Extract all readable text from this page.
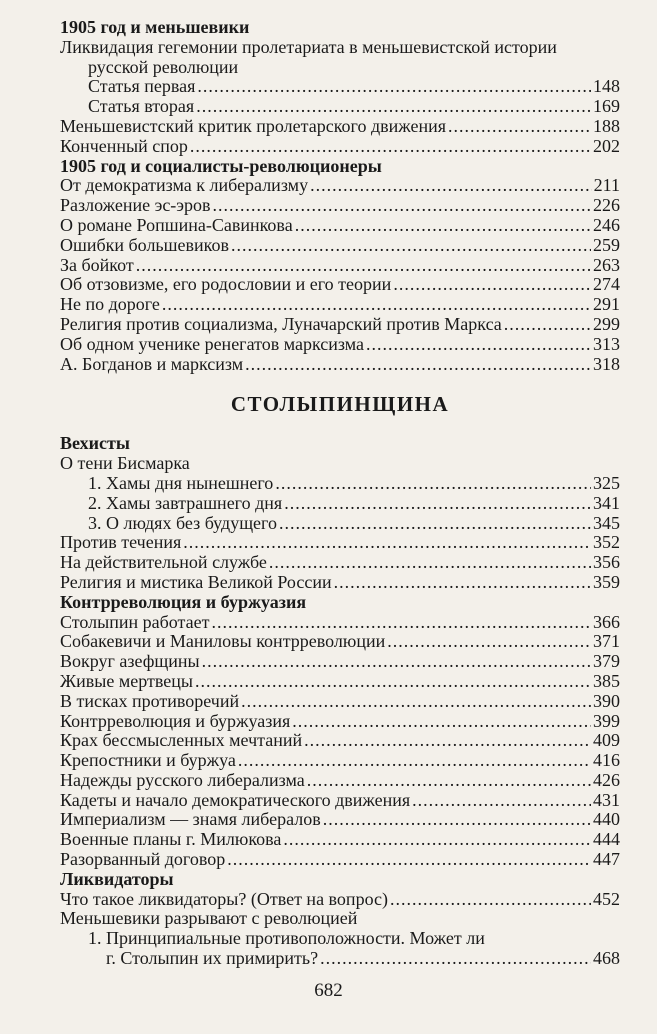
1905 год и меньшевики
Ликвидация гегемонии пролетариата в меньшевистской истории
русской революции
Статья первая .....	148
Статья вторая .....	169
Меньшевистский критик пролетарского движения .....	188
Конченный спор .....	202
1905 год и социалисты-революционеры
От демократизма к либерализму .....	211
Разложение эс-эров .....	226
О романе Ропшина-Савинкова .....	246
Ошибки большевиков .....	259
За бойкот .....	263
Об отзовизме, его родословии и его теории .....	274
Не по дороге .....	291
Религия против социализма, Луначарский против Маркса .....	299
Об одном ученике ренегатов марксизма .....	313
А. Богданов и марксизм .....	318
СТОЛЫПИНЩИНА
Вехисты
О тени Бисмарка
1. Хамы дня нынешнего .....	325
2. Хамы завтрашнего дня .....	341
3. О людях без будущего .....	345
Против течения .....	352
На действительной службе .....	356
Религия и мистика Великой России .....	359
Контрреволюция и буржуазия
Столыпин работает .....	366
Собакевичи и Маниловы контрреволюции .....	371
Вокруг азефщины .....	379
Живые мертвецы .....	385
В тисках противоречий .....	390
Контрреволюция и буржуазия .....	399
Крах бессмысленных мечтаний .....	409
Крепостники и буржуа .....	416
Надежды русского либерализма .....	426
Кадеты и начало демократического движения .....	431
Империализм — знамя либералов .....	440
Военные планы г. Милюкова .....	444
Разорванный договор .....	447
Ликвидаторы
Что такое ликвидаторы? (Ответ на вопрос) .....	452
Меньшевики разрывают с революцией
1. Принципиальные противоположности. Может ли
г. Столыпин их примирить? .....	468
682
